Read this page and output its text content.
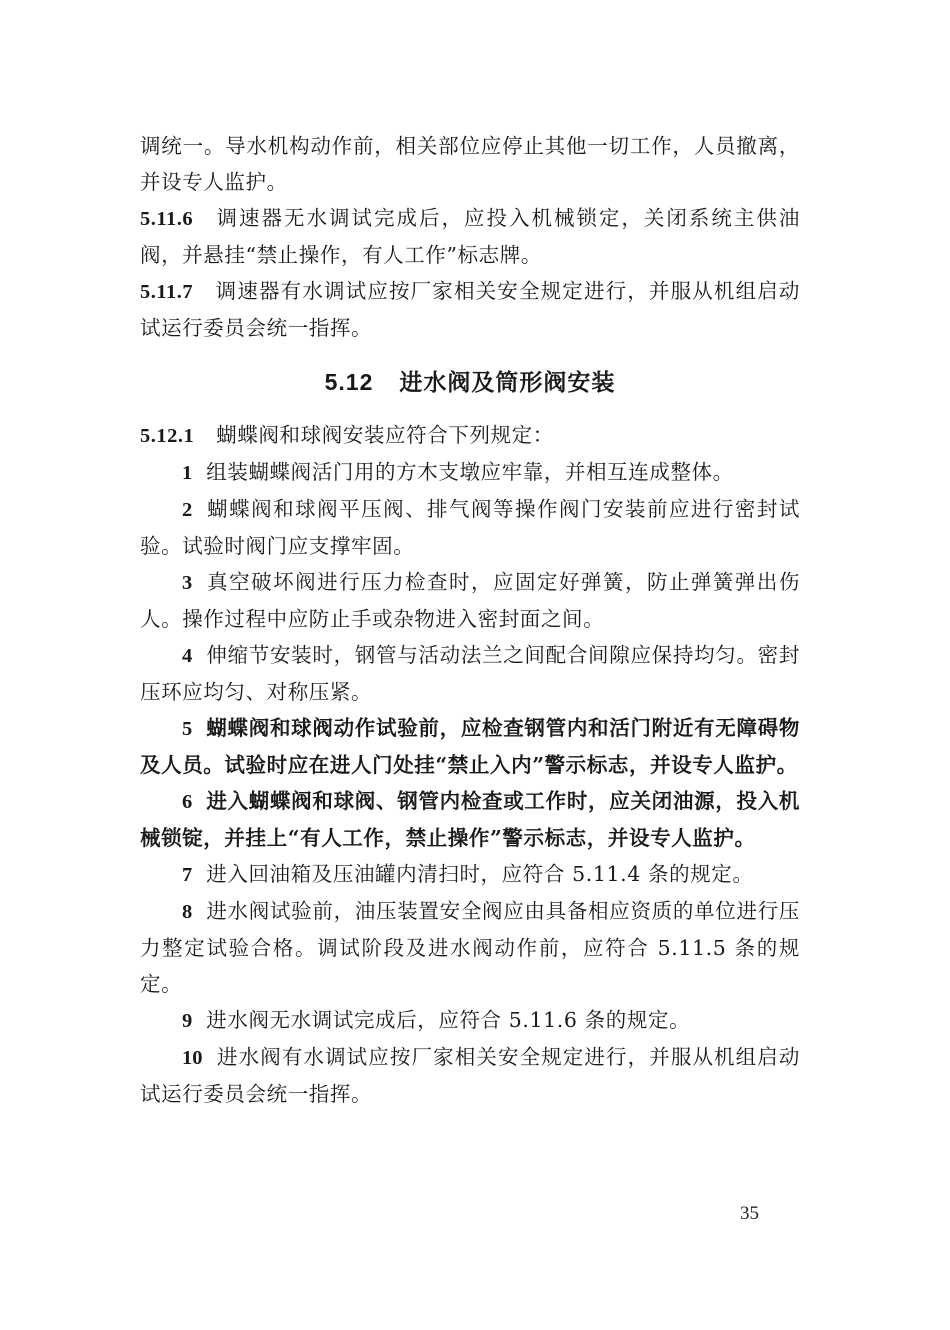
调统一。导水机构动作前，相关部位应停止其他一切工作，人员撤离，并设专人监护。

5.11.6 调速器无水调试完成后，应投入机械锁定，关闭系统主供油阀，并悬挂“禁止操作，有人工作”标志牌。

5.11.7 调速器有水调试应按厂家相关安全规定进行，并服从机组启动试运行委员会统一指挥。

5.12 进水阀及筒形阀安装

5.12.1 蝴蝶阀和球阀安装应符合下列规定：

1 组装蝴蝶阀活门用的方木支墩应牢靠，并相互连成整体。

2 蝴蝶阀和球阀平压阀、排气阀等操作阀门安装前应进行密封试验。试验时阀门应支撑牢固。

3 真空破坏阀进行压力检查时，应固定好弹簧，防止弹簧弹出伤人。操作过程中应防止手或杂物进入密封面之间。

4 伸缩节安装时，钢管与活动法兰之间配合间隙应保持均匀。密封压环应均匀、对称压紧。

5 蝴蝶阀和球阀动作试验前，应检查钢管内和活门附近有无障碍物及人员。试验时应在进人门处挂“禁止入内”警示标志，并设专人监护。

6 进入蝴蝶阀和球阀、钢管内检查或工作时，应关闭油源，投入机械锁锭，并挂上“有人工作，禁止操作”警示标志，并设专人监护。

7 进入回油箱及压油罐内清扫时，应符合 5.11.4 条的规定。

8 进水阀试验前，油压装置安全阀应由具备相应资质的单位进行压力整定试验合格。调试阶段及进水阀动作前，应符合 5.11.5 条的规定。

9 进水阀无水调试完成后，应符合 5.11.6 条的规定。

10 进水阀有水调试应按厂家相关安全规定进行，并服从机组启动试运行委员会统一指挥。

35
